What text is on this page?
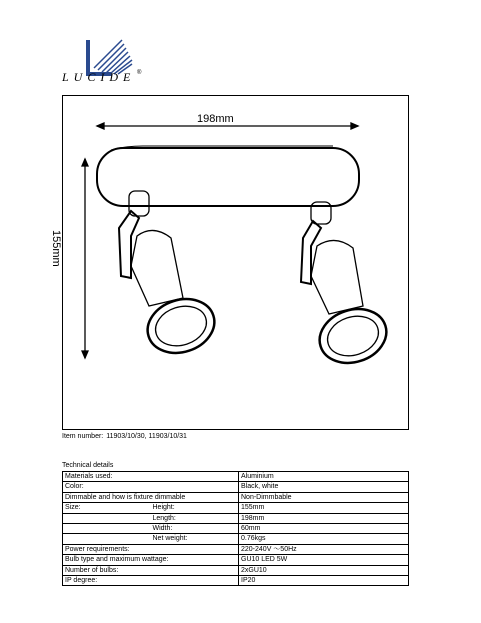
LUCIDE ®
198mm
155mm
Item number: 11903/10/30, 11903/10/31
Technical details
Materials used:		Aluminium
Color:		Black, white
Dimmable and how is fixture dimmable		Non-Dimmbable
Size:	Height:	155mm
	Length:	198mm
	Width:	60mm
	Net weight:	0.76kgs
Power requirements:		220-240V ～50Hz
Bulb type and maximum wattage:		GU10 LED 5W
Number of bulbs:		2xGU10
IP degree:		IP20
